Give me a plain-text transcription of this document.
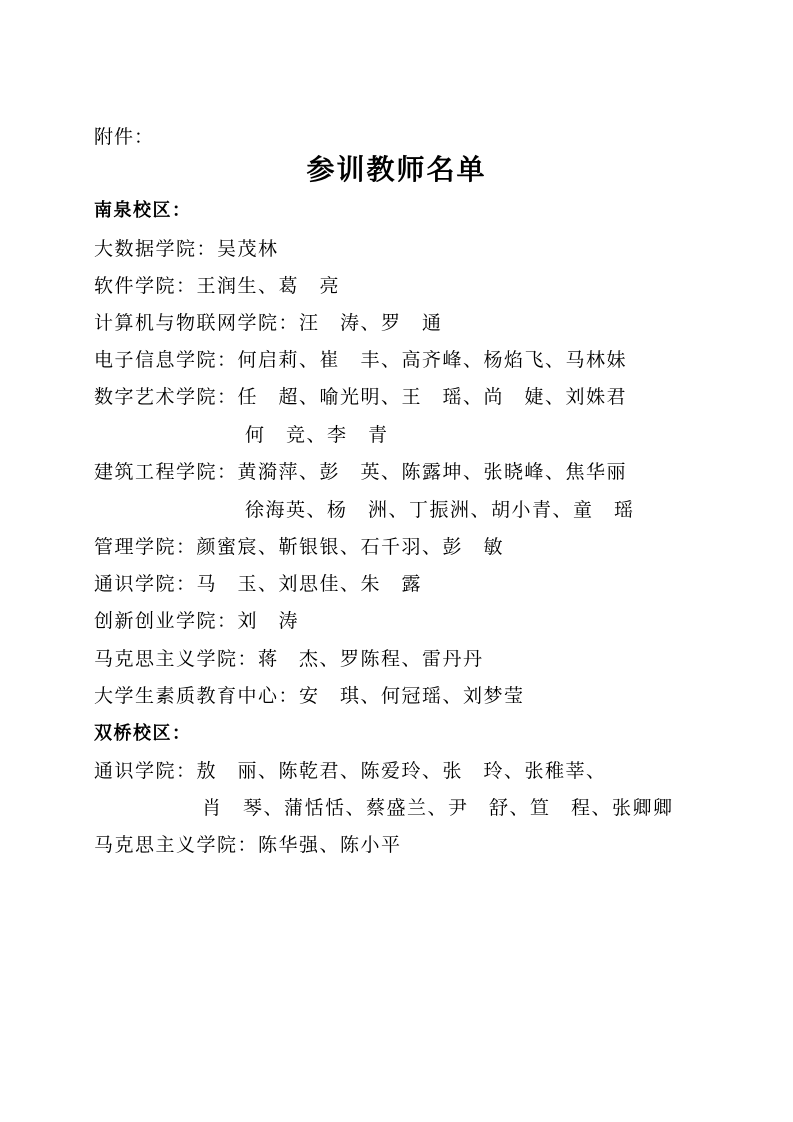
附件：
参训教师名单
南泉校区：
大数据学院：吴茂林
软件学院：王润生、葛　亮
计算机与物联网学院：汪　涛、罗　通
电子信息学院：何启莉、崔　丰、高齐峰、杨焰飞、马林妹
数字艺术学院：任　超、喻光明、王　瑶、尚　婕、刘姝君
何　竞、李　青
建筑工程学院：黄漪萍、彭　英、陈露坤、张晓峰、焦华丽
徐海英、杨　洲、丁振洲、胡小青、童　瑶
管理学院：颜蜜宸、靳银银、石千羽、彭　敏
通识学院：马　玉、刘思佳、朱　露
创新创业学院：刘　涛
马克思主义学院：蒋　杰、罗陈程、雷丹丹
大学生素质教育中心：安　琪、何冠瑶、刘梦莹
双桥校区：
通识学院：敖　丽、陈乾君、陈爱玲、张　玲、张稚莘、
肖　琴、蒲恬恬、蔡盛兰、尹　舒、笪　程、张卿卿
马克思主义学院：陈华强、陈小平
